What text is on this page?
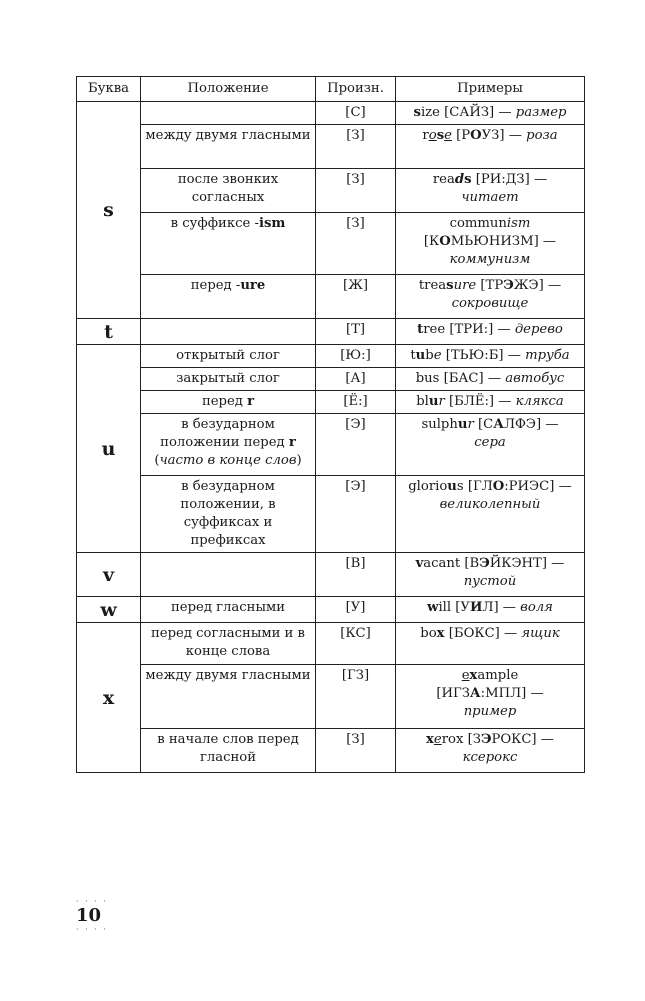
Буква	Положение	Произн.	Примеры
s		[С]	size [САЙЗ] — размер
	между двумя гласными	[З]	rose [РОУЗ] — роза
	после звонких согласных	[З]	reads [РИ:ДЗ] —
читает
	в суффиксе -ism	[З]	communism
[КОМЬЮНИЗМ] —
коммунизм
	перед -ure	[Ж]	treasure [ТРЭЖЭ] —
сокровище
t		[Т]	tree [ТРИ:] — дерево
u	открытый слог	[Ю:]	tube [ТЬЮ:Б] — труба
	закрытый слог	[А]	bus [БАС] — автобус
	перед r	[Ё:]	blur [БЛЁ:] — клякса
	в безударном положении перед r (часто в конце слов)	[Э]	sulphur [САЛФЭ] —
сера
	в безударном положении, в суффиксах и префиксах	[Э]	glorious [ГЛО:РИЭС] —
великолепный
v		[В]	vacant [ВЭЙКЭНТ] —
пустой
w	перед гласными	[У]	will [УИЛ] — воля
x	перед согласными и в конце слова	[КС]	box [БОКС] — ящик
	между двумя гласными	[ГЗ]	example
[ИГЗА:МПЛ] —
пример
	в начале слов перед гласной	[З]	xerox [ЗЭРОКС] —
ксерокс
· · · ·
10
· · · ·
